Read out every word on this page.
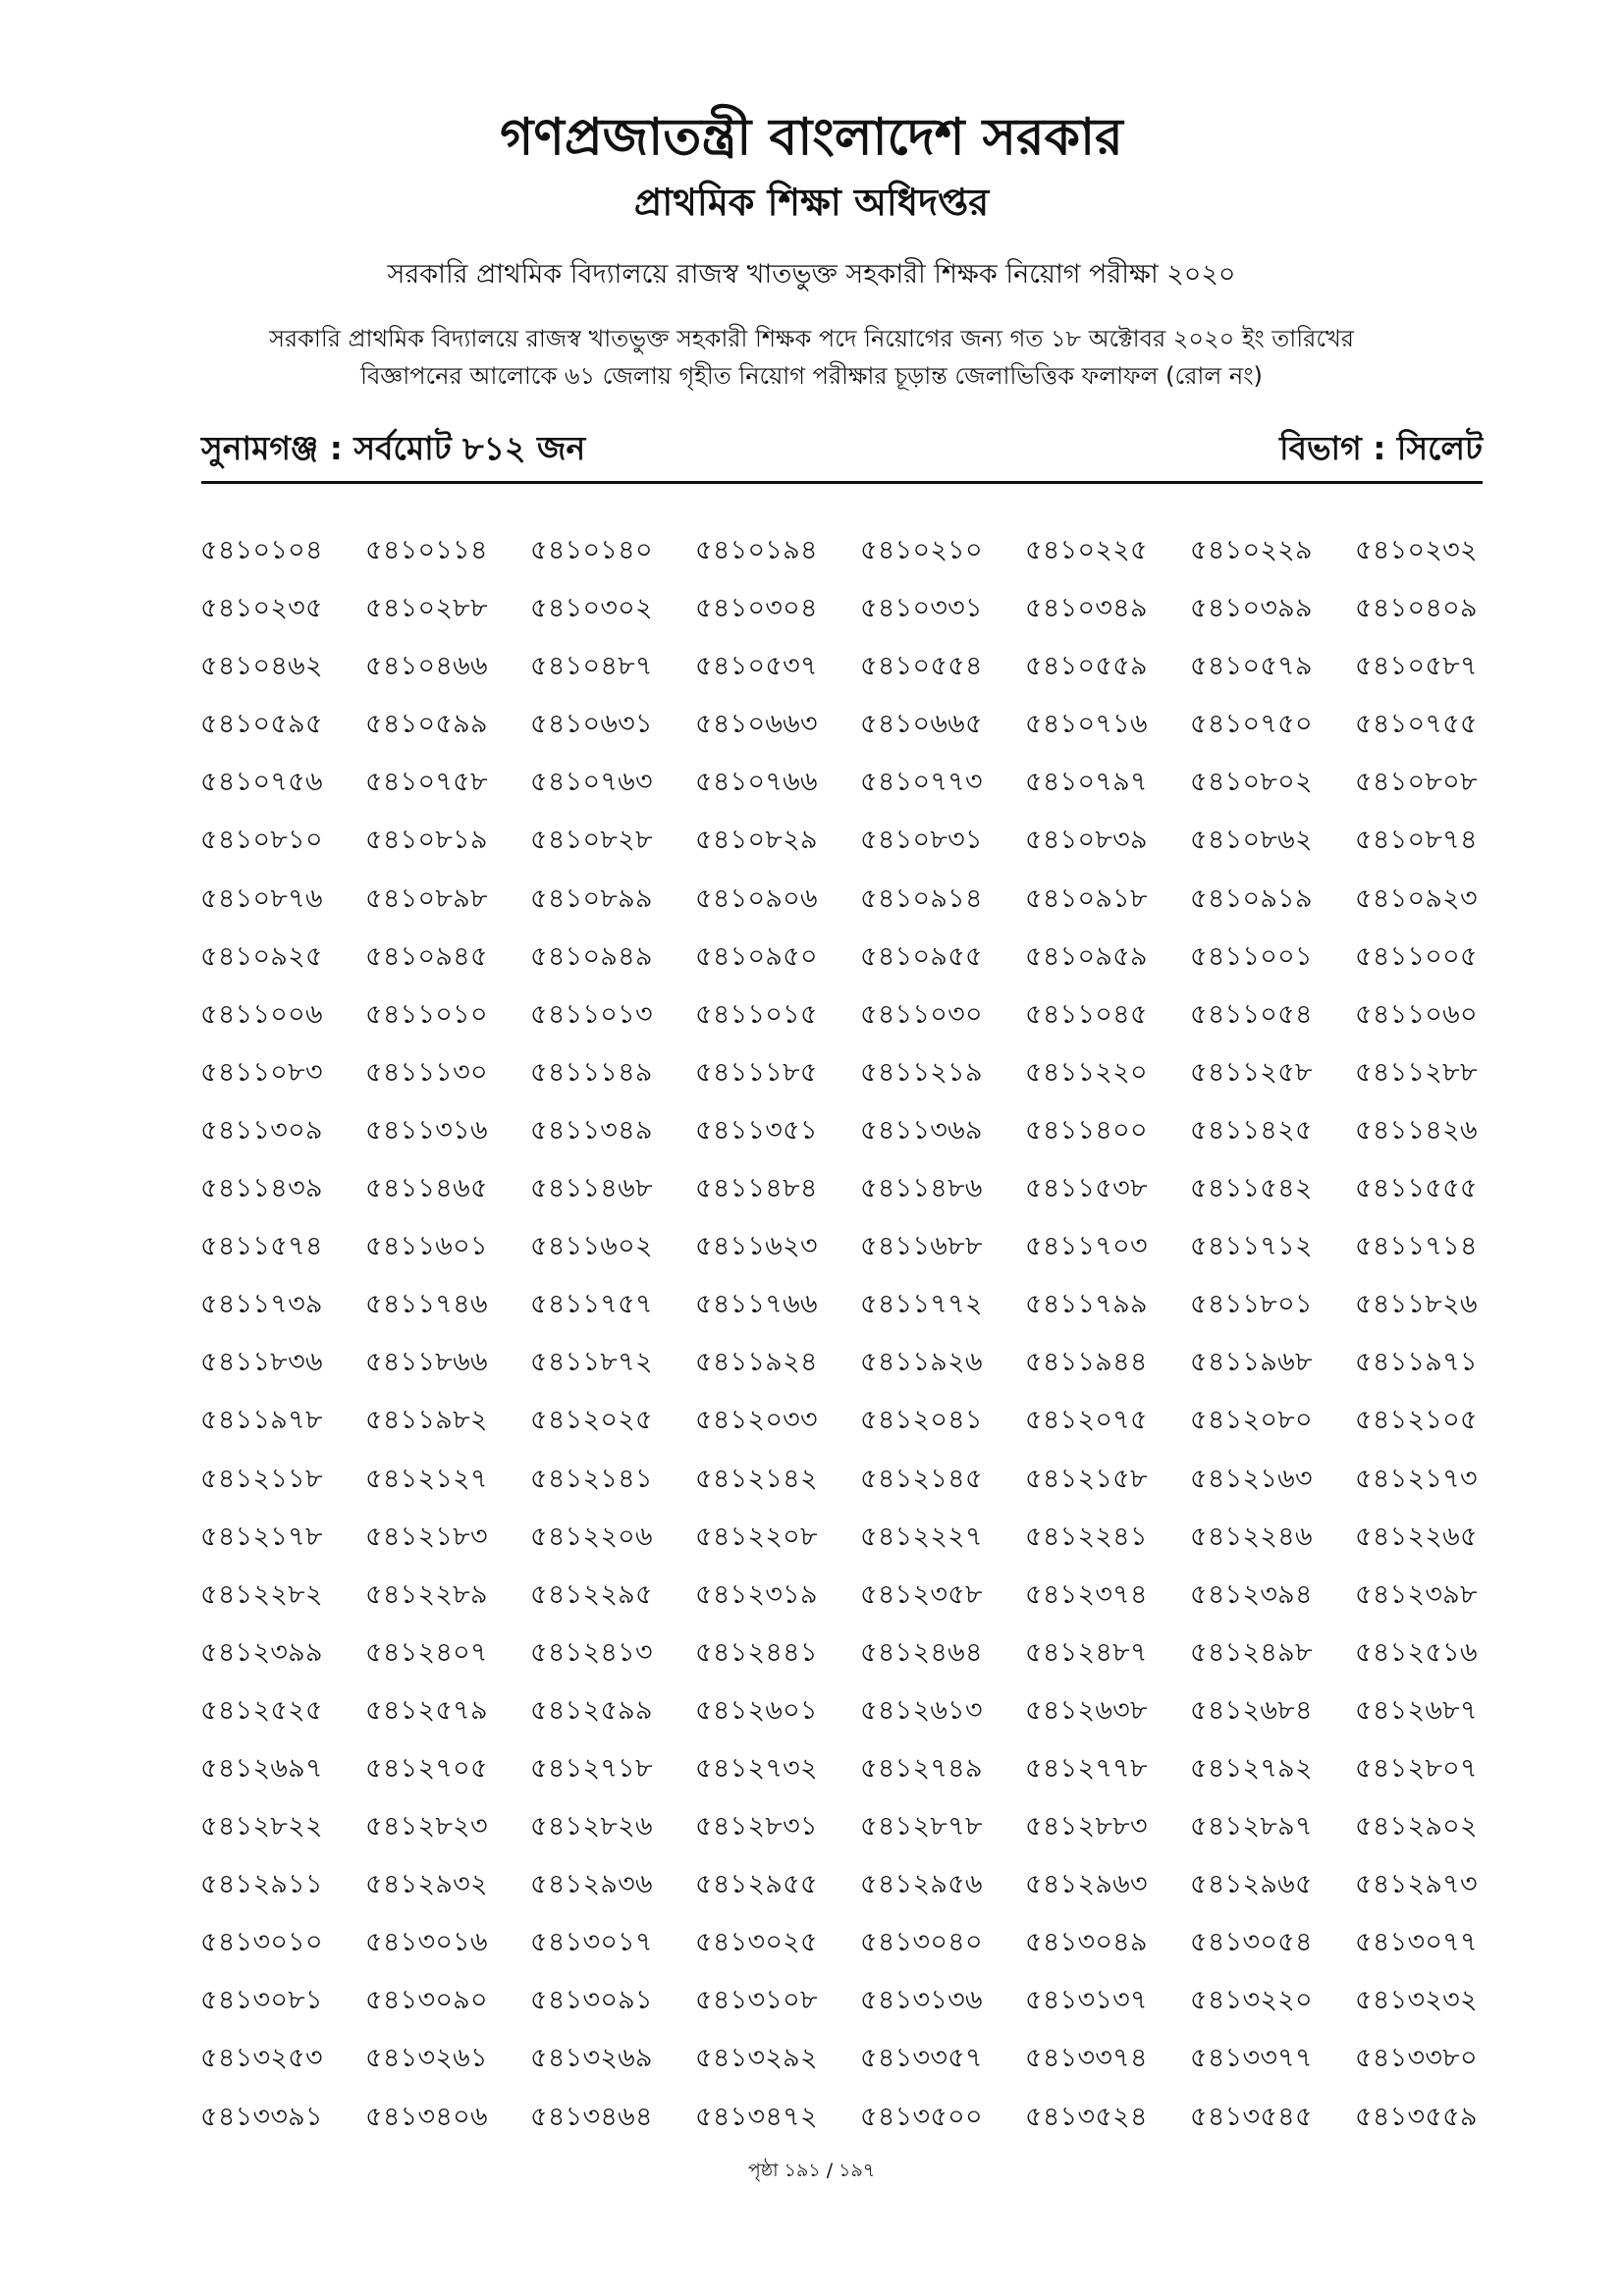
গণপ্রজাতন্ত্রী বাংলাদেশ সরকার
প্রাথমিক শিক্ষা অধিদপ্তর
সরকারি প্রাথমিক বিদ্যালয়ে রাজস্ব খাতভুক্ত সহকারী শিক্ষক নিয়োগ পরীক্ষা ২০২০
সরকারি প্রাথমিক বিদ্যালয়ে রাজস্ব খাতভুক্ত সহকারী শিক্ষক পদে নিয়োগের জন্য গত ১৮ অক্টোবর ২০২০ ইং তারিখের
বিজ্ঞাপনের আলোকে ৬১ জেলায় গৃহীত নিয়োগ পরীক্ষার চূড়ান্ত জেলাভিত্তিক ফলাফল (রোল নং)
সুনামগঞ্জ : সর্বমোট ৮১২ জন	বিভাগ : সিলেট
৫৪১০১০৪	৫৪১০১১৪	৫৪১০১৪০	৫৪১০১৯৪	৫৪১০২১০	৫৪১০২২৫	৫৪১০২২৯	৫৪১০২৩২
৫৪১০২৩৫	৫৪১০২৮৮	৫৪১০৩০২	৫৪১০৩০৪	৫৪১০৩৩১	৫৪১০৩৪৯	৫৪১০৩৯৯	৫৪১০৪০৯
৫৪১০৪৬২	৫৪১০৪৬৬	৫৪১০৪৮৭	৫৪১০৫৩৭	৫৪১০৫৫৪	৫৪১০৫৫৯	৫৪১০৫৭৯	৫৪১০৫৮৭
৫৪১০৫৯৫	৫৪১০৫৯৯	৫৪১০৬৩১	৫৪১০৬৬৩	৫৪১০৬৬৫	৫৪১০৭১৬	৫৪১০৭৫০	৫৪১০৭৫৫
৫৪১০৭৫৬	৫৪১০৭৫৮	৫৪১০৭৬৩	৫৪১০৭৬৬	৫৪১০৭৭৩	৫৪১০৭৯৭	৫৪১০৮০২	৫৪১০৮০৮
৫৪১০৮১০	৫৪১০৮১৯	৫৪১০৮২৮	৫৪১০৮২৯	৫৪১০৮৩১	৫৪১০৮৩৯	৫৪১০৮৬২	৫৪১০৮৭৪
৫৪১০৮৭৬	৫৪১০৮৯৮	৫৪১০৮৯৯	৫৪১০৯০৬	৫৪১০৯১৪	৫৪১০৯১৮	৫৪১০৯১৯	৫৪১০৯২৩
৫৪১০৯২৫	৫৪১০৯৪৫	৫৪১০৯৪৯	৫৪১০৯৫০	৫৪১০৯৫৫	৫৪১০৯৫৯	৫৪১১০০১	৫৪১১০০৫
৫৪১১০০৬	৫৪১১০১০	৫৪১১০১৩	৫৪১১০১৫	৫৪১১০৩০	৫৪১১০৪৫	৫৪১১০৫৪	৫৪১১০৬০
৫৪১১০৮৩	৫৪১১১৩০	৫৪১১১৪৯	৫৪১১১৮৫	৫৪১১২১৯	৫৪১১২২০	৫৪১১২৫৮	৫৪১১২৮৮
৫৪১১৩০৯	৫৪১১৩১৬	৫৪১১৩৪৯	৫৪১১৩৫১	৫৪১১৩৬৯	৫৪১১৪০০	৫৪১১৪২৫	৫৪১১৪২৬
৫৪১১৪৩৯	৫৪১১৪৬৫	৫৪১১৪৬৮	৫৪১১৪৮৪	৫৪১১৪৮৬	৫৪১১৫৩৮	৫৪১১৫৪২	৫৪১১৫৫৫
৫৪১১৫৭৪	৫৪১১৬০১	৫৪১১৬০২	৫৪১১৬২৩	৫৪১১৬৮৮	৫৪১১৭০৩	৫৪১১৭১২	৫৪১১৭১৪
৫৪১১৭৩৯	৫৪১১৭৪৬	৫৪১১৭৫৭	৫৪১১৭৬৬	৫৪১১৭৭২	৫৪১১৭৯৯	৫৪১১৮০১	৫৪১১৮২৬
৫৪১১৮৩৬	৫৪১১৮৬৬	৫৪১১৮৭২	৫৪১১৯২৪	৫৪১১৯২৬	৫৪১১৯৪৪	৫৪১১৯৬৮	৫৪১১৯৭১
৫৪১১৯৭৮	৫৪১১৯৮২	৫৪১২০২৫	৫৪১২০৩৩	৫৪১২০৪১	৫৪১২০৭৫	৫৪১২০৮০	৫৪১২১০৫
৫৪১২১১৮	৫৪১২১২৭	৫৪১২১৪১	৫৪১২১৪২	৫৪১২১৪৫	৫৪১২১৫৮	৫৪১২১৬৩	৫৪১২১৭৩
৫৪১২১৭৮	৫৪১২১৮৩	৫৪১২২০৬	৫৪১২২০৮	৫৪১২২২৭	৫৪১২২৪১	৫৪১২২৪৬	৫৪১২২৬৫
৫৪১২২৮২	৫৪১২২৮৯	৫৪১২২৯৫	৫৪১২৩১৯	৫৪১২৩৫৮	৫৪১২৩৭৪	৫৪১২৩৯৪	৫৪১২৩৯৮
৫৪১২৩৯৯	৫৪১২৪০৭	৫৪১২৪১৩	৫৪১২৪৪১	৫৪১২৪৬৪	৫৪১২৪৮৭	৫৪১২৪৯৮	৫৪১২৫১৬
৫৪১২৫২৫	৫৪১২৫৭৯	৫৪১২৫৯৯	৫৪১২৬০১	৫৪১২৬১৩	৫৪১২৬৩৮	৫৪১২৬৮৪	৫৪১২৬৮৭
৫৪১২৬৯৭	৫৪১২৭০৫	৫৪১২৭১৮	৫৪১২৭৩২	৫৪১২৭৪৯	৫৪১২৭৭৮	৫৪১২৭৯২	৫৪১২৮০৭
৫৪১২৮২২	৫৪১২৮২৩	৫৪১২৮২৬	৫৪১২৮৩১	৫৪১২৮৭৮	৫৪১২৮৮৩	৫৪১২৮৯৭	৫৪১২৯০২
৫৪১২৯১১	৫৪১২৯৩২	৫৪১২৯৩৬	৫৪১২৯৫৫	৫৪১২৯৫৬	৫৪১২৯৬৩	৫৪১২৯৬৫	৫৪১২৯৭৩
৫৪১৩০১০	৫৪১৩০১৬	৫৪১৩০১৭	৫৪১৩০২৫	৫৪১৩০৪০	৫৪১৩০৪৯	৫৪১৩০৫৪	৫৪১৩০৭৭
৫৪১৩০৮১	৫৪১৩০৯০	৫৪১৩০৯১	৫৪১৩১০৮	৫৪১৩১৩৬	৫৪১৩১৩৭	৫৪১৩২২০	৫৪১৩২৩২
৫৪১৩২৫৩	৫৪১৩২৬১	৫৪১৩২৬৯	৫৪১৩২৯২	৫৪১৩৩৫৭	৫৪১৩৩৭৪	৫৪১৩৩৭৭	৫৪১৩৩৮০
৫৪১৩৩৯১	৫৪১৩৪০৬	৫৪১৩৪৬৪	৫৪১৩৪৭২	৫৪১৩৫০০	৫৪১৩৫২৪	৫৪১৩৫৪৫	৫৪১৩৫৫৯
পৃষ্ঠা ১৯১ / ১৯৭
